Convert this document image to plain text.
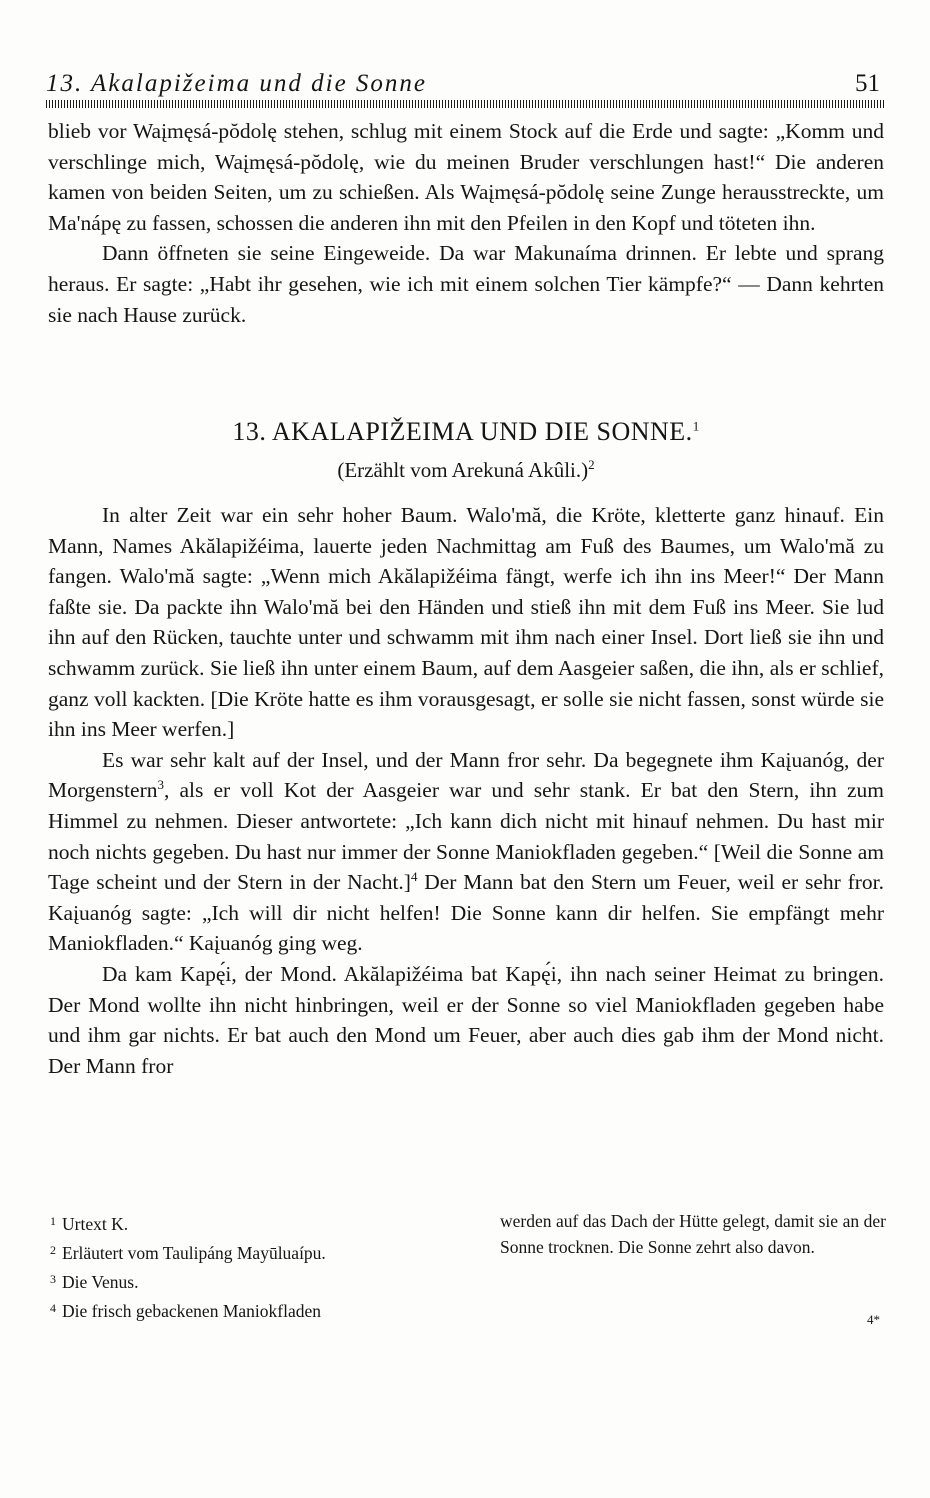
13. Akalapižeima und die Sonne	51

blieb vor Waįmęsá-pŏdolę stehen, schlug mit einem Stock auf die Erde und sagte: „Komm und verschlinge mich, Waįmęsá-pŏdolę, wie du meinen Bruder verschlungen hast!“ Die anderen kamen von beiden Seiten, um zu schießen. Als Waįmęsá-pŏdolę seine Zunge herausstreckte, um Ma'nápę zu fassen, schossen die anderen ihn mit den Pfeilen in den Kopf und töteten ihn.

Dann öffneten sie seine Eingeweide. Da war Makunaíma drinnen. Er lebte und sprang heraus. Er sagte: „Habt ihr gesehen, wie ich mit einem solchen Tier kämpfe?“ — Dann kehrten sie nach Hause zurück.

13. AKALAPIŽEIMA UND DIE SONNE.$^1$
(Erzählt vom Arekuná Akûli.)$^2$

In alter Zeit war ein sehr hoher Baum. Walo'mă, die Kröte, kletterte ganz hinauf. Ein Mann, Names Akălapižéima, lauerte jeden Nachmittag am Fuß des Baumes, um Walo'mă zu fangen. Walo'mă sagte: „Wenn mich Akălapižéima fängt, werfe ich ihn ins Meer!“ Der Mann faßte sie. Da packte ihn Walo'mă bei den Händen und stieß ihn mit dem Fuß ins Meer. Sie lud ihn auf den Rücken, tauchte unter und schwamm mit ihm nach einer Insel. Dort ließ sie ihn und schwamm zurück. Sie ließ ihn unter einem Baum, auf dem Aasgeier saßen, die ihn, als er schlief, ganz voll kackten. [Die Kröte hatte es ihm vorausgesagt, er solle sie nicht fassen, sonst würde sie ihn ins Meer werfen.]

Es war sehr kalt auf der Insel, und der Mann fror sehr. Da begegnete ihm Kaįuanóg, der Morgenstern$^3$, als er voll Kot der Aasgeier war und sehr stank. Er bat den Stern, ihn zum Himmel zu nehmen. Dieser antwortete: „Ich kann dich nicht mit hinauf nehmen. Du hast mir noch nichts gegeben. Du hast nur immer der Sonne Maniokfladen gegeben.“ [Weil die Sonne am Tage scheint und der Stern in der Nacht.]$^4$ Der Mann bat den Stern um Feuer, weil er sehr fror. Kaįuanóg sagte: „Ich will dir nicht helfen! Die Sonne kann dir helfen. Sie empfängt mehr Maniokfladen.“ Kaįuanóg ging weg.

Da kam Kapę́i, der Mond. Akălapižéima bat Kapę́i, ihn nach seiner Heimat zu bringen. Der Mond wollte ihn nicht hinbringen, weil er der Sonne so viel Maniokfladen gegeben habe und ihm gar nichts. Er bat auch den Mond um Feuer, aber auch dies gab ihm der Mond nicht. Der Mann fror

$^1$ Urtext K.

$^2$ Erläutert vom Taulipáng Mayūluaípu.

$^3$ Die Venus.

$^4$ Die frisch gebackenen Maniokfladen

werden auf das Dach der Hütte gelegt, damit sie an der Sonne trocknen. Die Sonne zehrt also davon.

4*
